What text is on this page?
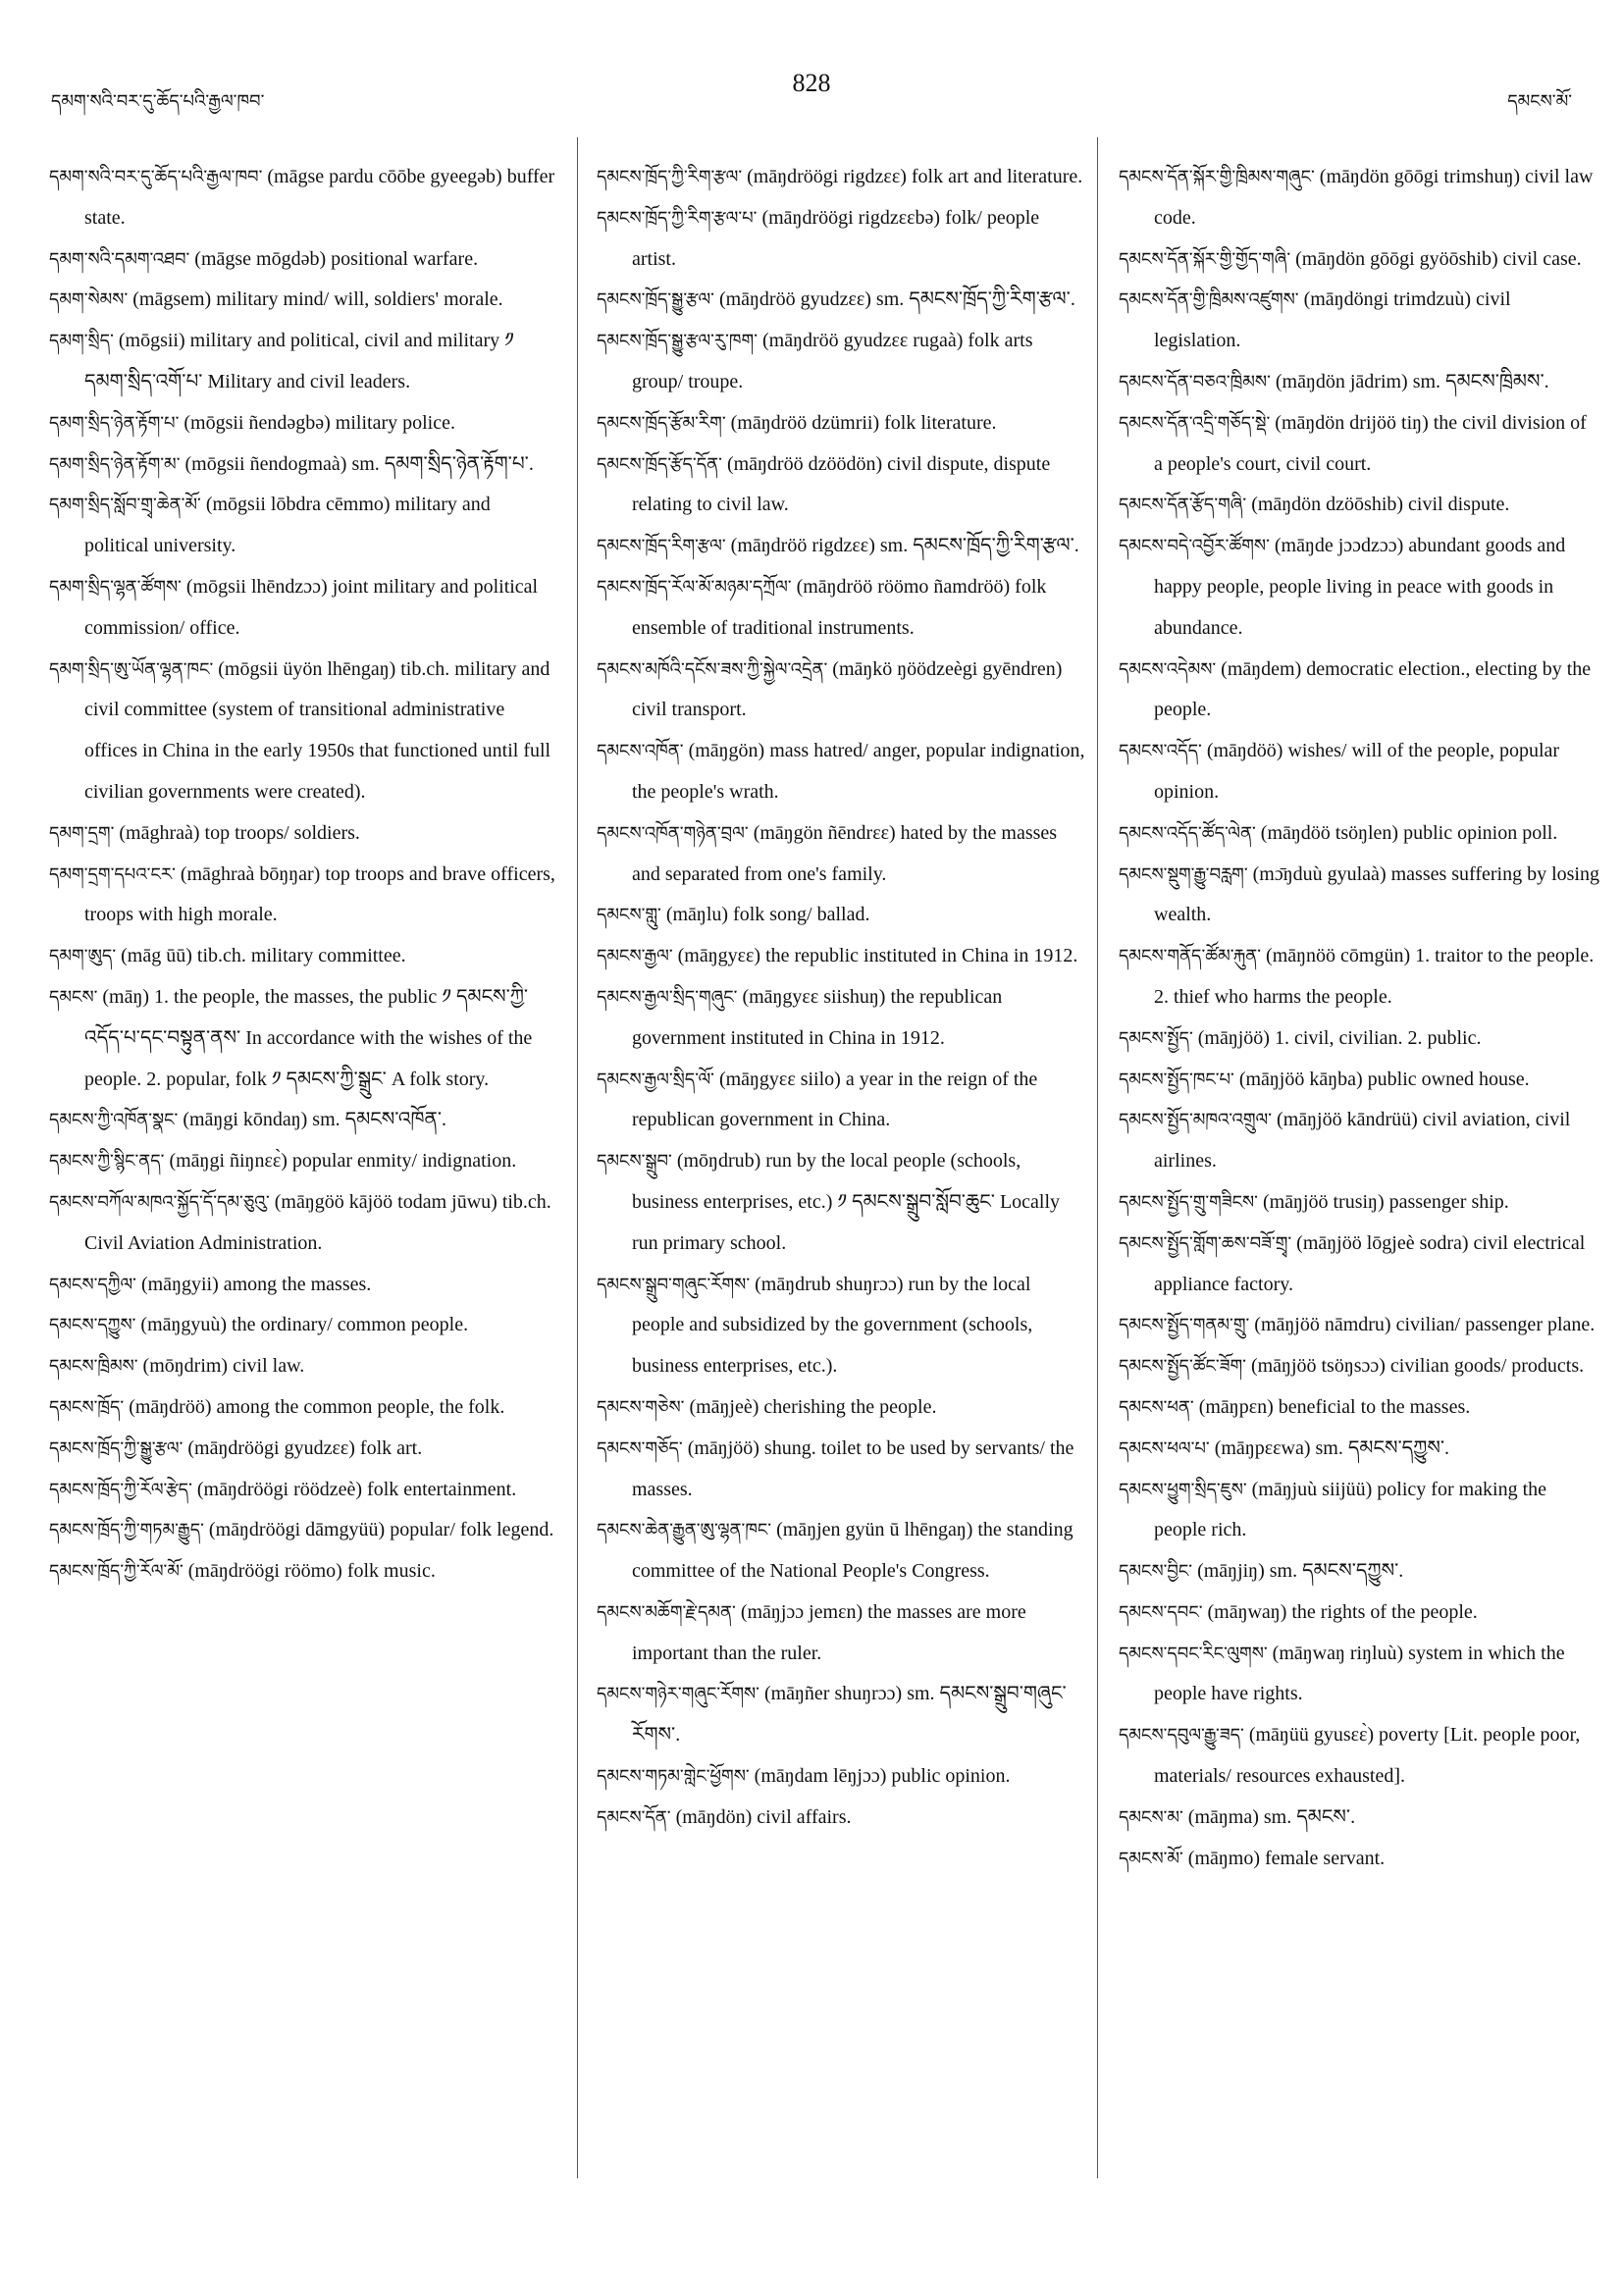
དམག་སའི་བར་དུ་ཆོད་པའི་རྒྱལ་ཁབ་
828
དམངས་མོ་

དམག་སའི་བར་དུ་ཆོད་པའི་རྒྱལ་ཁབ་ (māgse pardu cōōbe gyeegəb) buffer state.

དམག་སའི་དམག་འཐབ་ (māgse mōgdəb) positional warfare.

དམག་སེམས་ (māgsem) military mind/ will, soldiers' morale.

དམག་སྲིད་ (mōgsii) military and political, civil and military ༡ དམག་སྲིད་འགོ་པ་ Military and civil leaders.

དམག་སྲིད་ཉེན་རྟོག་པ་ (mōgsii ñendəgbə) military police.

དམག་སྲིད་ཉེན་རྟོག་མ་ (mōgsii ñendogmaà) sm. དམག་སྲིད་ཉེན་རྟོག་པ་.

དམག་སྲིད་སློབ་གྲྭ་ཆེན་མོ་ (mōgsii lōbdra cēmmo) military and political university.

དམག་སྲིད་ལྷན་ཚོགས་ (mōgsii lhēndzɔɔ) joint military and political commission/ office.

དམག་སྲིད་ཨུ་ཡོན་ལྷན་ཁང་ (mōgsii üyön lhēngaŋ) tib.ch. military and civil committee (system of transitional administrative offices in China in the early 1950s that functioned until full civilian governments were created).

དམག་དྲག་ (māghraà) top troops/ soldiers.

དམག་དྲག་དཔའ་ངར་ (māghraà bōŋŋar) top troops and brave officers, troops with high morale.

དམག་ཨུད་ (māg ūū) tib.ch. military committee.

དམངས་ (māŋ) 1. the people, the masses, the public ༡ དམངས་ཀྱི་འདོད་པ་དང་བསྟུན་ནས་ In accordance with the wishes of the people. 2. popular, folk ༡ དམངས་ཀྱི་སྒྲུང་ A folk story.

དམངས་ཀྱི་འཁོན་སྣང་ (māŋgi kōndaŋ) sm. དམངས་འཁོན་.

དམངས་ཀྱི་སྙིང་ནད་ (māŋgi ñiŋnɛɛ̀) popular enmity/ indignation.

དམངས་བཀོལ་མཁའ་སྐྱོད་དོ་དམ་ཅུའུ་ (māŋgöö kājöö todam jūwu) tib.ch. Civil Aviation Administration.

དམངས་དཀྱིལ་ (māŋgyii) among the masses.

དམངས་དཀྱུས་ (māŋgyuù) the ordinary/ common people.

དམངས་ཁྲིམས་ (mōŋdrim) civil law.

དམངས་ཁྲོད་ (māŋdröö) among the common people, the folk.

དམངས་ཁྲོད་ཀྱི་སྒྱུ་རྩལ་ (māŋdröögi gyudzɛɛ) folk art.

དམངས་ཁྲོད་ཀྱི་རོལ་རྩེད་ (māŋdröögi röödzeè) folk entertainment.

དམངས་ཁྲོད་ཀྱི་གཏམ་རྒྱུད་ (māŋdröögi dāmgyüü) popular/ folk legend.

དམངས་ཁྲོད་ཀྱི་རོལ་མོ་ (māŋdröögi röömo) folk music.

དམངས་ཁྲོད་ཀྱི་རིག་རྩལ་ (māŋdröögi rigdzɛɛ) folk art and literature.

དམངས་ཁྲོད་ཀྱི་རིག་རྩལ་པ་ (māŋdröögi rigdzɛɛbə) folk/ people artist.

དམངས་ཁྲོད་སྒྱུ་རྩལ་ (māŋdröö gyudzɛɛ) sm. དམངས་ཁྲོད་ཀྱི་རིག་རྩལ་.

དམངས་ཁྲོད་སྒྱུ་རྩལ་རུ་ཁག་ (māŋdröö gyudzɛɛ rugaà) folk arts group/ troupe.

དམངས་ཁྲོད་རྩོམ་རིག་ (māŋdröö dzümrii) folk literature.

དམངས་ཁྲོད་རྩོད་དོན་ (māŋdröö dzöödön) civil dispute, dispute relating to civil law.

དམངས་ཁྲོད་རིག་རྩལ་ (māŋdröö rigdzɛɛ) sm. དམངས་ཁྲོད་ཀྱི་རིག་རྩལ་.

དམངས་ཁྲོད་རོལ་མོ་མཉམ་དཀྲོལ་ (māŋdröö röömo ñamdröö) folk ensemble of traditional instruments.

དམངས་མཁོའི་དངོས་ཟས་ཀྱི་སྐྱེལ་འདྲེན་ (māŋkö ŋöödzeègi gyēndren) civil transport.

དམངས་འཁོན་ (māŋgön) mass hatred/ anger, popular indignation, the people's wrath.

དམངས་འཁོན་གཉེན་བྲལ་ (māŋgön ñēndrɛɛ) hated by the masses and separated from one's family.

དམངས་གླུ་ (māŋlu) folk song/ ballad.

དམངས་རྒྱལ་ (māŋgyɛɛ) the republic instituted in China in 1912.

དམངས་རྒྱལ་སྲིད་གཞུང་ (māŋgyɛɛ siishuŋ) the republican government instituted in China in 1912.

དམངས་རྒྱལ་སྲིད་ལོ་ (māŋgyɛɛ siilo) a year in the reign of the republican government in China.

དམངས་སྒྲུབ་ (mōŋdrub) run by the local people (schools, business enterprises, etc.) ༡ དམངས་སྒྲུབ་སློབ་ཆུང་ Locally run primary school.

དམངས་སྒྲུབ་གཞུང་རོགས་ (māŋdrub shuŋrɔɔ) run by the local people and subsidized by the government (schools, business enterprises, etc.).

དམངས་གཅེས་ (māŋjeè) cherishing the people.

དམངས་གཅོད་ (māŋjöö) shung. toilet to be used by servants/ the masses.

དམངས་ཆེན་རྒྱུན་ཨུ་ལྷན་ཁང་ (māŋjen gyün ū lhēngaŋ) the standing committee of the National People's Congress.

དམངས་མཆོག་རྗེ་དམན་ (māŋjɔɔ jemɛn) the masses are more important than the ruler.

དམངས་གཉེར་གཞུང་རོགས་ (māŋñer shuŋrɔɔ) sm. དམངས་སྒྲུབ་གཞུང་རོགས་.

དམངས་གཏམ་གླེང་ཕྱོགས་ (māŋdam lēŋjɔɔ) public opinion.

དམངས་དོན་ (māŋdön) civil affairs.

དམངས་དོན་སྐོར་གྱི་ཁྲིམས་གཞུང་ (māŋdön gōōgi trimshuŋ) civil law code.

དམངས་དོན་སྐོར་གྱི་གྱོད་གཞི་ (māŋdön gōōgi gyöōshib) civil case.

དམངས་དོན་གྱི་ཁྲིམས་འཛུགས་ (māŋdöngi trimdzuù) civil legislation.

དམངས་དོན་བཅའ་ཁྲིམས་ (māŋdön jādrim) sm. དམངས་ཁྲིམས་.

དམངས་དོན་འདྲི་གཅོད་སྡེ་ (māŋdön drijöö tiŋ) the civil division of a people's court, civil court.

དམངས་དོན་རྩོད་གཞི་ (māŋdön dzöōshib) civil dispute.

དམངས་བདེ་འབྱོར་ཚོགས་ (māŋde jɔɔdzɔɔ) abundant goods and happy people, people living in peace with goods in abundance.

དམངས་འདེམས་ (māŋdem) democratic election., electing by the people.

དམངས་འདོད་ (māŋdöö) wishes/ will of the people, popular opinion.

དམངས་འདོད་ཚོད་ལེན་ (māŋdöö tsöŋlen) public opinion poll.

དམངས་སྡུག་རྒྱུ་བརླག་ (mɔ̄ŋduù gyulaà) masses suffering by losing wealth.

དམངས་གནོད་ཚོམ་རྐུན་ (māŋnöö cōmgün) 1. traitor to the people. 2. thief who harms the people.

དམངས་སྤྱོད་ (māŋjöö) 1. civil, civilian. 2. public.

དམངས་སྤྱོད་ཁང་པ་ (māŋjöö kāŋba) public owned house.

དམངས་སྤྱོད་མཁའ་འགྲུལ་ (māŋjöö kāndrüü) civil aviation, civil airlines.

དམངས་སྤྱོད་གྲུ་གཟིངས་ (māŋjöö trusiŋ) passenger ship.

དམངས་སྤྱོད་གློག་ཆས་བཟོ་གྲྭ་ (māŋjöö lōgjeè sodra) civil electrical appliance factory.

དམངས་སྤྱོད་གནམ་གྲུ་ (māŋjöö nāmdru) civilian/ passenger plane.

དམངས་སྤྱོད་ཚོང་ཟོག་ (māŋjöö tsöŋsɔɔ) civilian goods/ products.

དམངས་ཕན་ (māŋpɛn) beneficial to the masses.

དམངས་ཕལ་པ་ (māŋpɛɛwa) sm. དམངས་དཀྱུས་.

དམངས་ཕྱུག་སྲིད་ཇུས་ (māŋjuù siijüü) policy for making the people rich.

དམངས་བྱིང་ (māŋjiŋ) sm. དམངས་དཀྱུས་.

དམངས་དབང་ (māŋwaŋ) the rights of the people.

དམངས་དབང་རིང་ལུགས་ (māŋwaŋ riŋluù) system in which the people have rights.

དམངས་དབུལ་རྒྱུ་ཟད་ (māŋüü gyusɛɛ̀) poverty [Lit. people poor, materials/ resources exhausted].

དམངས་མ་ (māŋma) sm. དམངས་.

དམངས་མོ་ (māŋmo) female servant.
